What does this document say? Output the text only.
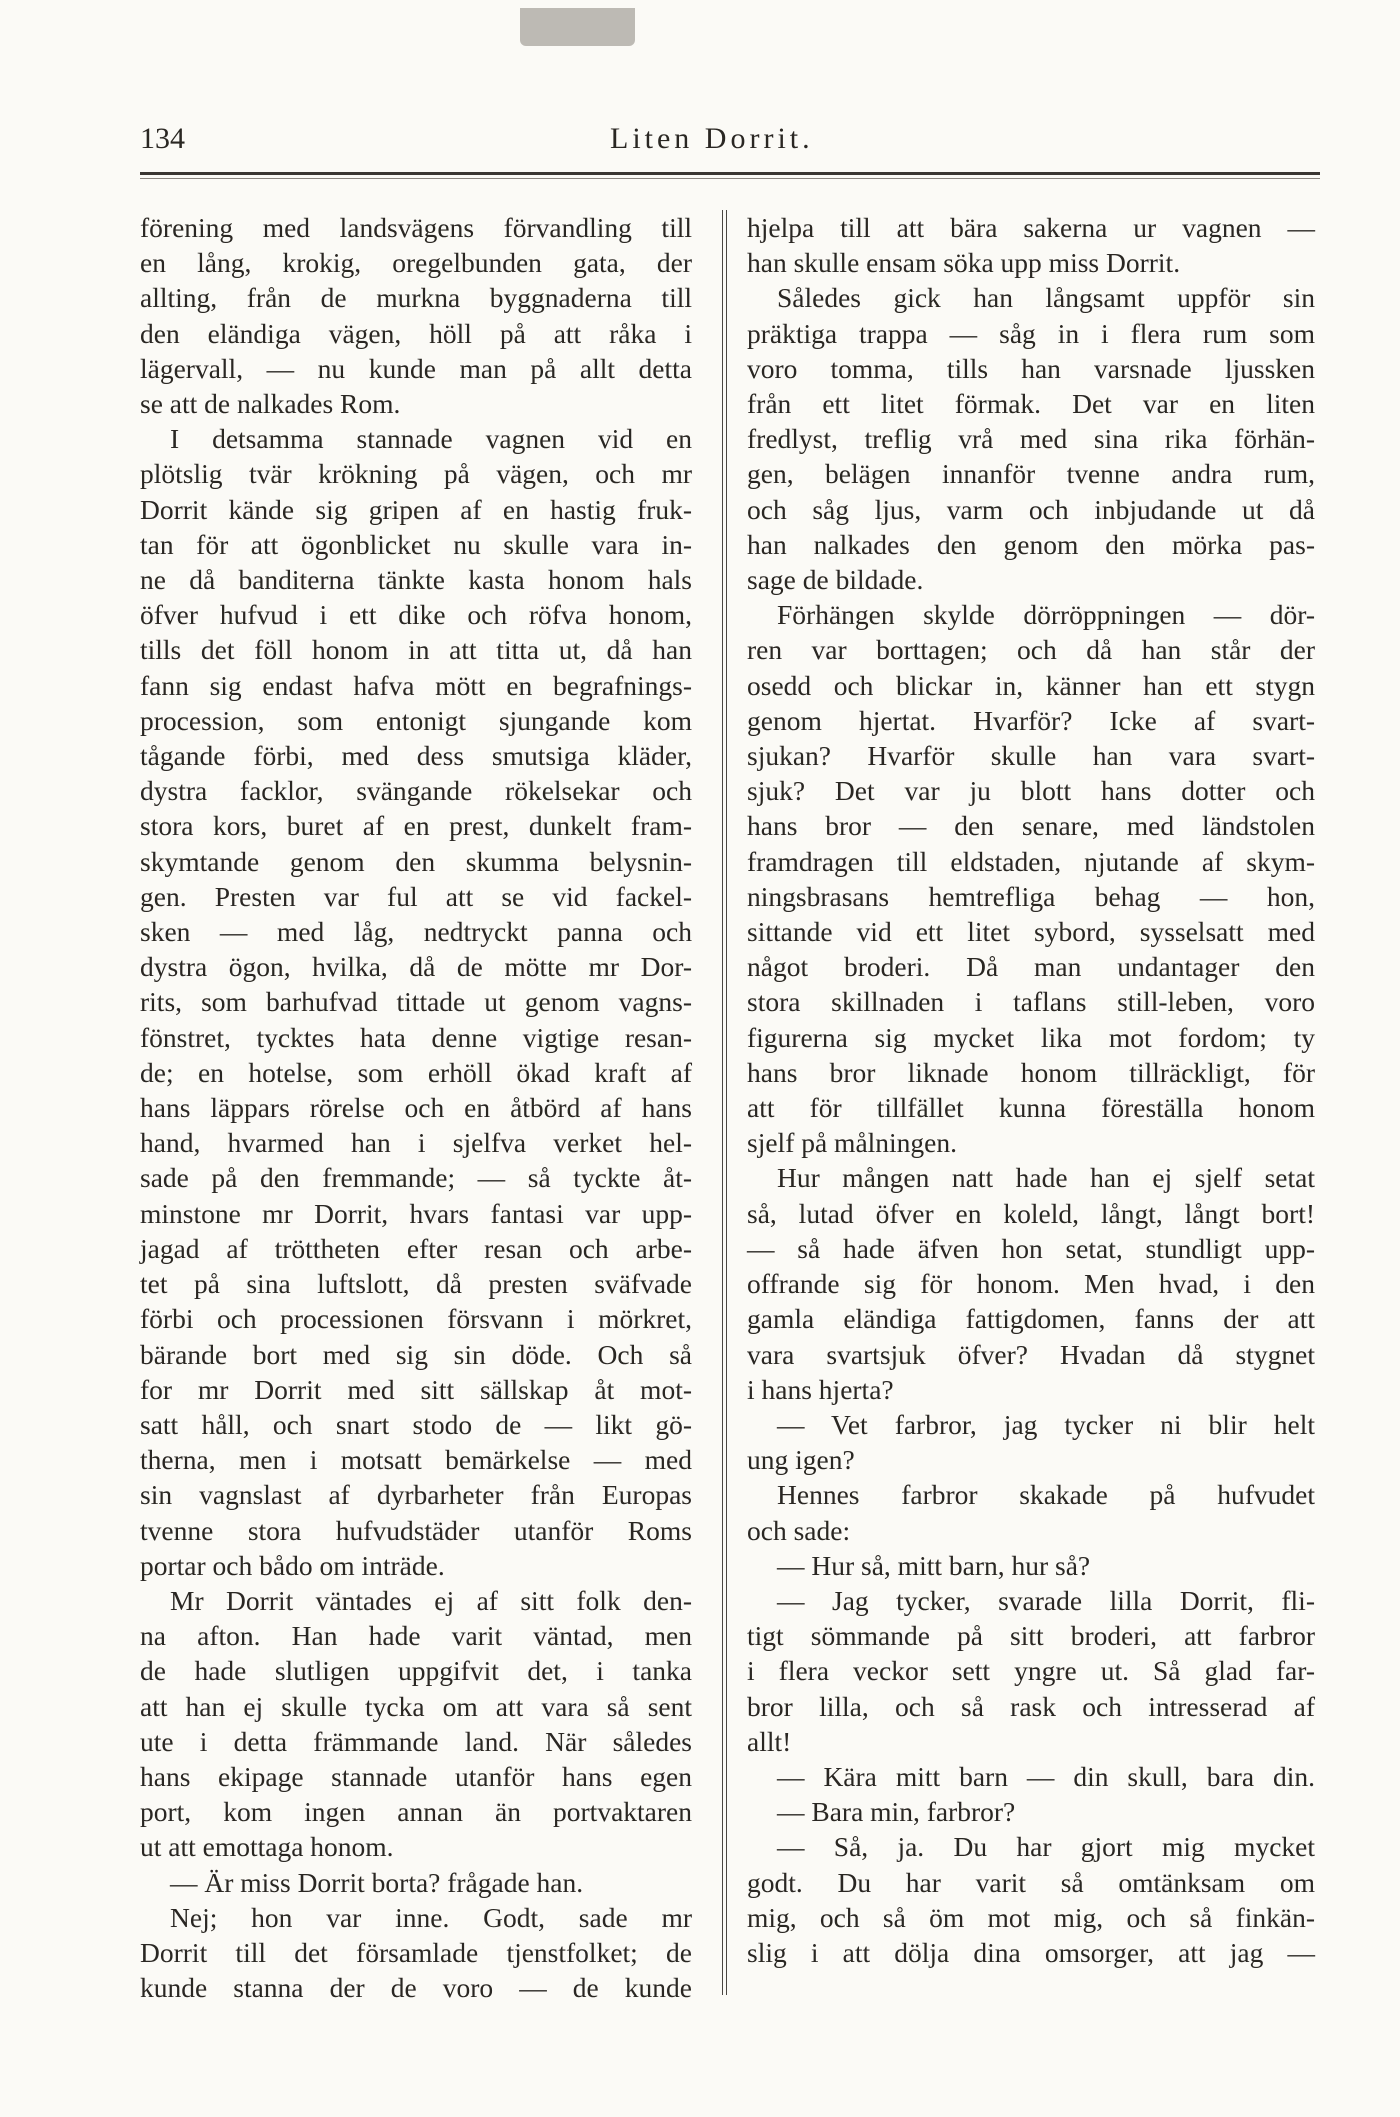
134	Liten Dorrit.
förening med landsvägens förvandling till
en lång, krokig, oregelbunden gata, der
allting, från de murkna byggnaderna till
den eländiga vägen, höll på att råka i
lägervall, — nu kunde man på allt detta
se att de nalkades Rom.
I detsamma stannade vagnen vid en
plötslig tvär krökning på vägen, och mr
Dorrit kände sig gripen af en hastig fruk-
tan för att ögonblicket nu skulle vara in-
ne då banditerna tänkte kasta honom hals
öfver hufvud i ett dike och röfva honom,
tills det föll honom in att titta ut, då han
fann sig endast hafva mött en begrafnings-
procession, som entonigt sjungande kom
tågande förbi, med dess smutsiga kläder,
dystra facklor, svängande rökelsekar och
stora kors, buret af en prest, dunkelt fram-
skymtande genom den skumma belysnin-
gen. Presten var ful att se vid fackel-
sken — med låg, nedtryckt panna och
dystra ögon, hvilka, då de mötte mr Dor-
rits, som barhufvad tittade ut genom vagns-
fönstret, tycktes hata denne vigtige resan-
de; en hotelse, som erhöll ökad kraft af
hans läppars rörelse och en åtbörd af hans
hand, hvarmed han i sjelfva verket hel-
sade på den fremmande; — så tyckte åt-
minstone mr Dorrit, hvars fantasi var upp-
jagad af tröttheten efter resan och arbe-
tet på sina luftslott, då presten sväfvade
förbi och processionen försvann i mörkret,
bärande bort med sig sin döde. Och så
for mr Dorrit med sitt sällskap åt mot-
satt håll, och snart stodo de — likt gö-
therna, men i motsatt bemärkelse — med
sin vagnslast af dyrbarheter från Europas
tvenne stora hufvudstäder utanför Roms
portar och bådo om inträde.
Mr Dorrit väntades ej af sitt folk den-
na afton. Han hade varit väntad, men
de hade slutligen uppgifvit det, i tanka
att han ej skulle tycka om att vara så sent
ute i detta främmande land. När således
hans ekipage stannade utanför hans egen
port, kom ingen annan än portvaktaren
ut att emottaga honom.
— Är miss Dorrit borta? frågade han.
Nej; hon var inne. Godt, sade mr
Dorrit till det församlade tjenstfolket; de
kunde stanna der de voro — de kunde
hjelpa till att bära sakerna ur vagnen —
han skulle ensam söka upp miss Dorrit.
Således gick han långsamt uppför sin
präktiga trappa — såg in i flera rum som
voro tomma, tills han varsnade ljussken
från ett litet förmak. Det var en liten
fredlyst, treflig vrå med sina rika förhän-
gen, belägen innanför tvenne andra rum,
och såg ljus, varm och inbjudande ut då
han nalkades den genom den mörka pas-
sage de bildade.
Förhängen skylde dörröppningen — dör-
ren var borttagen; och då han står der
osedd och blickar in, känner han ett stygn
genom hjertat. Hvarför? Icke af svart-
sjukan? Hvarför skulle han vara svart-
sjuk? Det var ju blott hans dotter och
hans bror — den senare, med ländstolen
framdragen till eldstaden, njutande af skym-
ningsbrasans hemtrefliga behag — hon,
sittande vid ett litet sybord, sysselsatt med
något broderi. Då man undantager den
stora skillnaden i taflans still-leben, voro
figurerna sig mycket lika mot fordom; ty
hans bror liknade honom tillräckligt, för
att för tillfället kunna föreställa honom
sjelf på målningen.
Hur mången natt hade han ej sjelf setat
så, lutad öfver en koleld, långt, långt bort!
— så hade äfven hon setat, stundligt upp-
offrande sig för honom. Men hvad, i den
gamla eländiga fattigdomen, fanns der att
vara svartsjuk öfver? Hvadan då stygnet
i hans hjerta?
— Vet farbror, jag tycker ni blir helt
ung igen?
Hennes farbror skakade på hufvudet
och sade:
— Hur så, mitt barn, hur så?
— Jag tycker, svarade lilla Dorrit, fli-
tigt sömmande på sitt broderi, att farbror
i flera veckor sett yngre ut. Så glad far-
bror lilla, och så rask och intresserad af
allt!
— Kära mitt barn — din skull, bara din.
— Bara min, farbror?
— Så, ja. Du har gjort mig mycket
godt. Du har varit så omtänksam om
mig, och så öm mot mig, och så finkän-
slig i att dölja dina omsorger, att jag —
